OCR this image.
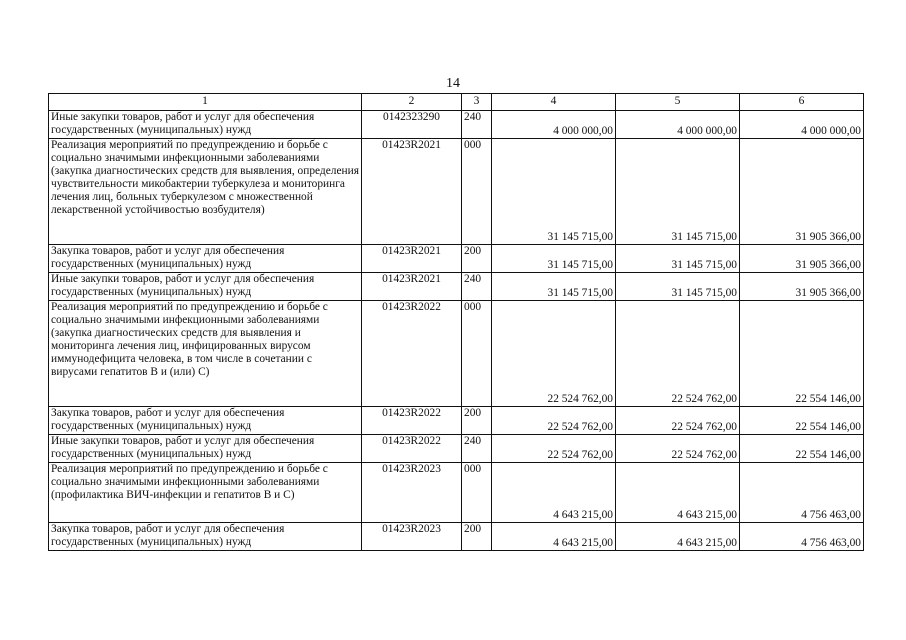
14
1	2	3	4	5	6
Иные закупки товаров, работ и услуг для обеспечения государственных (муниципальных) нужд	0142323290	240	4 000 000,00	4 000 000,00	4 000 000,00
Реализация мероприятий по предупреждению и борьбе с социально значимыми инфекционными заболеваниями (закупка диагностических средств для выявления, определения чувствительности микобактерии туберкулеза и мониторинга лечения лиц, больных туберкулезом с множественной лекарственной устойчивостью возбудителя)	01423R2021	000	31 145 715,00	31 145 715,00	31 905 366,00
Закупка товаров, работ и услуг для обеспечения государственных (муниципальных) нужд	01423R2021	200	31 145 715,00	31 145 715,00	31 905 366,00
Иные закупки товаров, работ и услуг для обеспечения государственных (муниципальных) нужд	01423R2021	240	31 145 715,00	31 145 715,00	31 905 366,00
Реализация мероприятий по предупреждению и борьбе с социально значимыми инфекционными заболеваниями (закупка диагностических средств для выявления и мониторинга лечения лиц, инфицированных вирусом иммунодефицита человека, в том числе в сочетании с вирусами гепатитов В и (или) С)	01423R2022	000	22 524 762,00	22 524 762,00	22 554 146,00
Закупка товаров, работ и услуг для обеспечения государственных (муниципальных) нужд	01423R2022	200	22 524 762,00	22 524 762,00	22 554 146,00
Иные закупки товаров, работ и услуг для обеспечения государственных (муниципальных) нужд	01423R2022	240	22 524 762,00	22 524 762,00	22 554 146,00
Реализация мероприятий по предупреждению и борьбе с социально значимыми инфекционными заболеваниями (профилактика ВИЧ-инфекции и гепатитов В и С)	01423R2023	000	4 643 215,00	4 643 215,00	4 756 463,00
Закупка товаров, работ и услуг для обеспечения государственных (муниципальных) нужд	01423R2023	200	4 643 215,00	4 643 215,00	4 756 463,00
